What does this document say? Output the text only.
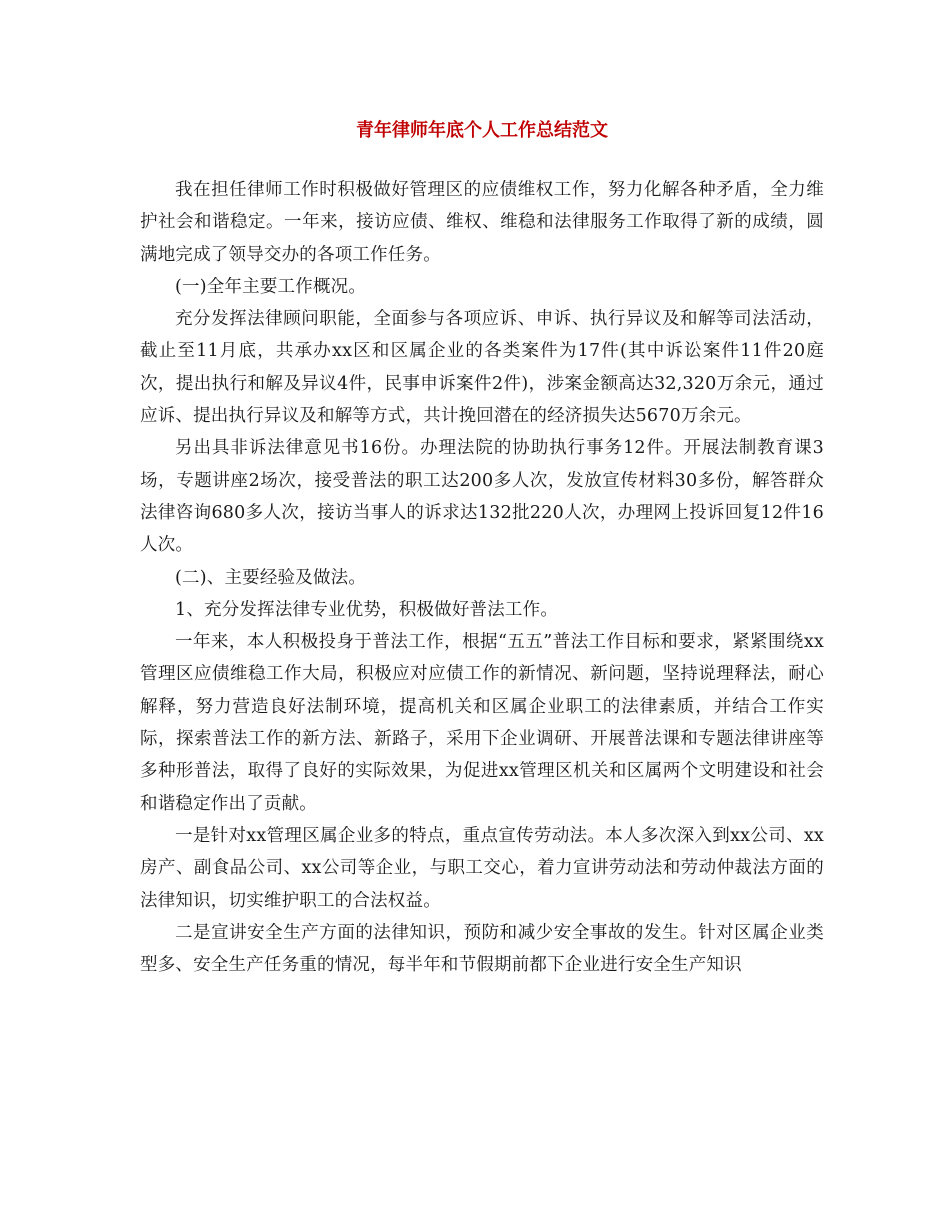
青年律师年底个人工作总结范文

我在担任律师工作时积极做好管理区的应债维权工作，努力化解各种矛盾，全力维护社会和谐稳定。一年来，接访应债、维权、维稳和法律服务工作取得了新的成绩，圆满地完成了领导交办的各项工作任务。

(一)全年主要工作概况。

充分发挥法律顾问职能，全面参与各项应诉、申诉、执行异议及和解等司法活动，截止至11月底，共承办xx区和区属企业的各类案件为17件(其中诉讼案件11件20庭次，提出执行和解及异议4件，民事申诉案件2件)，涉案金额高达32,320万余元，通过应诉、提出执行异议及和解等方式，共计挽回潜在的经济损失达5670万余元。

另出具非诉法律意见书16份。办理法院的协助执行事务12件。开展法制教育课3场，专题讲座2场次，接受普法的职工达200多人次，发放宣传材料30多份，解答群众法律咨询680多人次，接访当事人的诉求达132批220人次，办理网上投诉回复12件16人次。

(二)、主要经验及做法。

1、充分发挥法律专业优势，积极做好普法工作。

一年来，本人积极投身于普法工作，根据“五五”普法工作目标和要求，紧紧围绕xx管理区应债维稳工作大局，积极应对应债工作的新情况、新问题，坚持说理释法，耐心解释，努力营造良好法制环境，提高机关和区属企业职工的法律素质，并结合工作实际，探索普法工作的新方法、新路子，采用下企业调研、开展普法课和专题法律讲座等多种形普法，取得了良好的实际效果，为促进xx管理区机关和区属两个文明建设和社会和谐稳定作出了贡献。

一是针对xx管理区属企业多的特点，重点宣传劳动法。本人多次深入到xx公司、xx房产、副食品公司、xx公司等企业，与职工交心，着力宣讲劳动法和劳动仲裁法方面的法律知识，切实维护职工的合法权益。

二是宣讲安全生产方面的法律知识，预防和减少安全事故的发生。针对区属企业类型多、安全生产任务重的情况，每半年和节假期前都下企业进行安全生产知识
